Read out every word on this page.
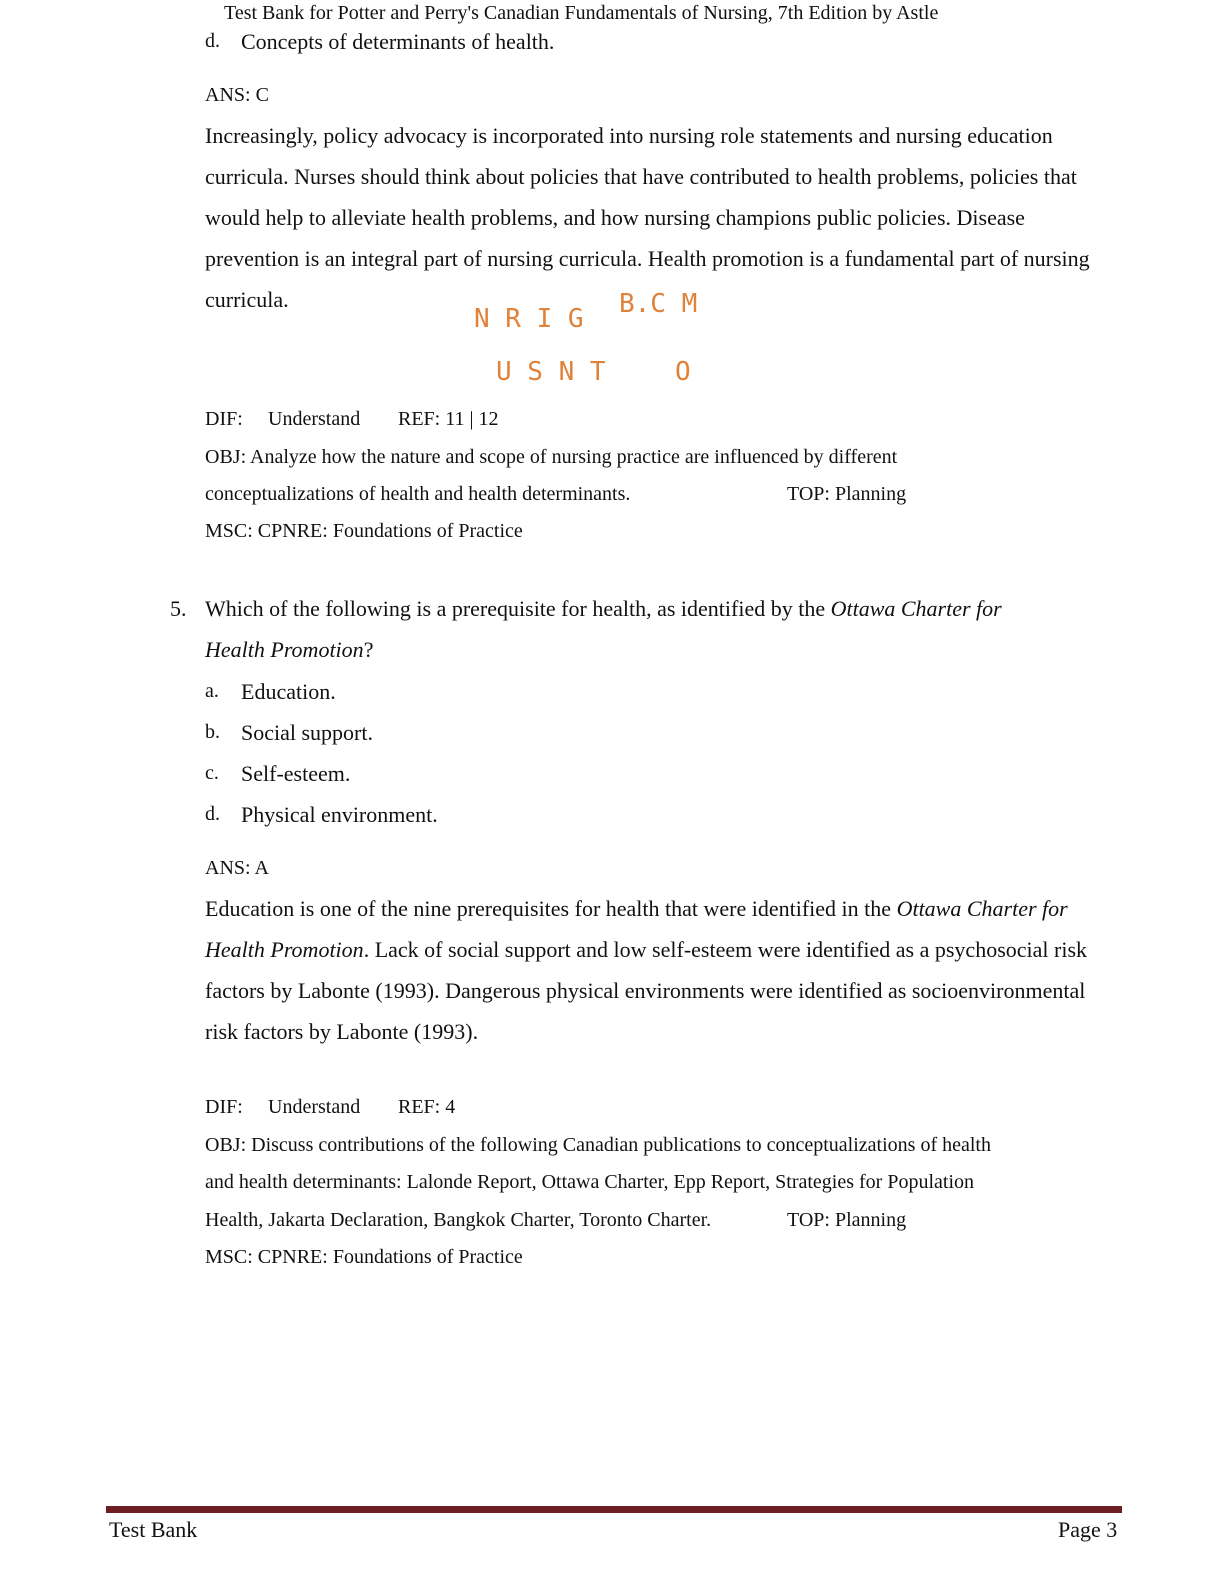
Test Bank for Potter and Perry's Canadian Fundamentals of Nursing, 7th Edition by Astle
d. Concepts of determinants of health.
ANS: C
Increasingly, policy advocacy is incorporated into nursing role statements and nursing education curricula. Nurses should think about policies that have contributed to health problems, policies that would help to alleviate health problems, and how nursing champions public policies. Disease prevention is an integral part of nursing curricula. Health promotion is a fundamental part of nursing curricula.
N R I G B.C M
U S N T	O
DIF: Understand REF: 11 | 12
OBJ: Analyze how the nature and scope of nursing practice are influenced by different
conceptualizations of health and health determinants.	TOP: Planning
MSC: CPNRE: Foundations of Practice
5. Which of the following is a prerequisite for health, as identified by the Ottawa Charter for
Health Promotion?
a. Education.
b. Social support.
c. Self-esteem.
d. Physical environment.
ANS: A
Education is one of the nine prerequisites for health that were identified in the Ottawa Charter for Health Promotion. Lack of social support and low self-esteem were identified as a psychosocial risk factors by Labonte (1993). Dangerous physical environments were identified as socioenvironmental risk factors by Labonte (1993).
DIF: Understand REF: 4
OBJ: Discuss contributions of the following Canadian publications to conceptualizations of health
and health determinants: Lalonde Report, Ottawa Charter, Epp Report, Strategies for Population
Health, Jakarta Declaration, Bangkok Charter, Toronto Charter.	TOP: Planning
MSC: CPNRE: Foundations of Practice
Test Bank	Page 3
